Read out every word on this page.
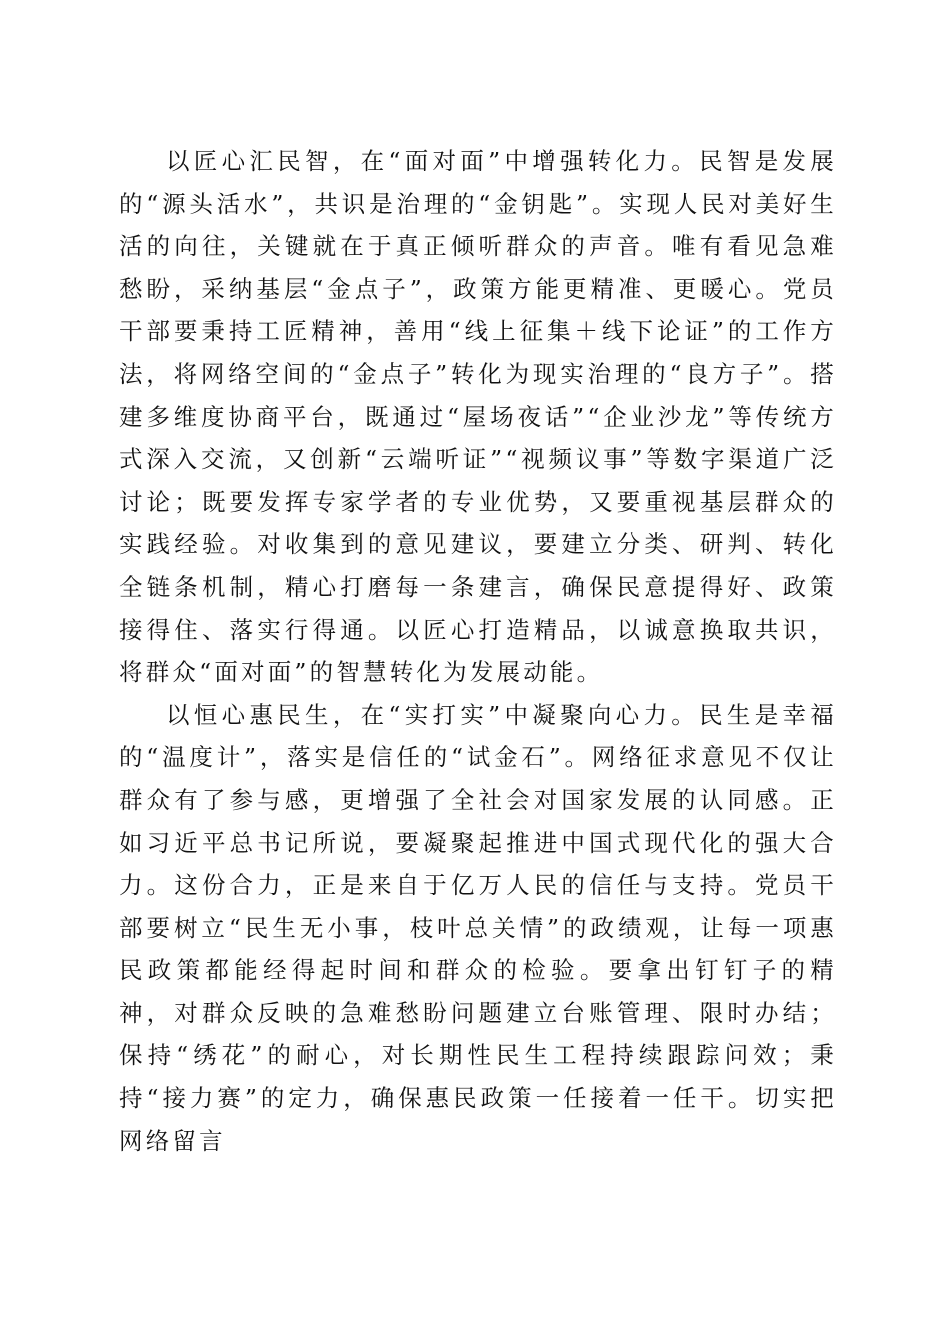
以匠心汇民智，在“面对面”中增强转化力。民智是发展的“源头活水”，共识是治理的“金钥匙”。实现人民对美好生活的向往，关键就在于真正倾听群众的声音。唯有看见急难愁盼，采纳基层“金点子”，政策方能更精准、更暖心。党员干部要秉持工匠精神，善用“线上征集＋线下论证”的工作方法，将网络空间的“金点子”转化为现实治理的“良方子”。搭建多维度协商平台，既通过“屋场夜话”“企业沙龙”等传统方式深入交流，又创新“云端听证”“视频议事”等数字渠道广泛讨论；既要发挥专家学者的专业优势，又要重视基层群众的实践经验。对收集到的意见建议，要建立分类、研判、转化全链条机制，精心打磨每一条建言，确保民意提得好、政策接得住、落实行得通。以匠心打造精品，以诚意换取共识，将群众“面对面”的智慧转化为发展动能。

以恒心惠民生，在“实打实”中凝聚向心力。民生是幸福的“温度计”，落实是信任的“试金石”。网络征求意见不仅让群众有了参与感，更增强了全社会对国家发展的认同感。正如习近平总书记所说，要凝聚起推进中国式现代化的强大合力。这份合力，正是来自于亿万人民的信任与支持。党员干部要树立“民生无小事，枝叶总关情”的政绩观，让每一项惠民政策都能经得起时间和群众的检验。要拿出钉钉子的精神，对群众反映的急难愁盼问题建立台账管理、限时办结；保持“绣花”的耐心，对长期性民生工程持续跟踪问效；秉持“接力赛”的定力，确保惠民政策一任接着一任干。切实把网络留言
